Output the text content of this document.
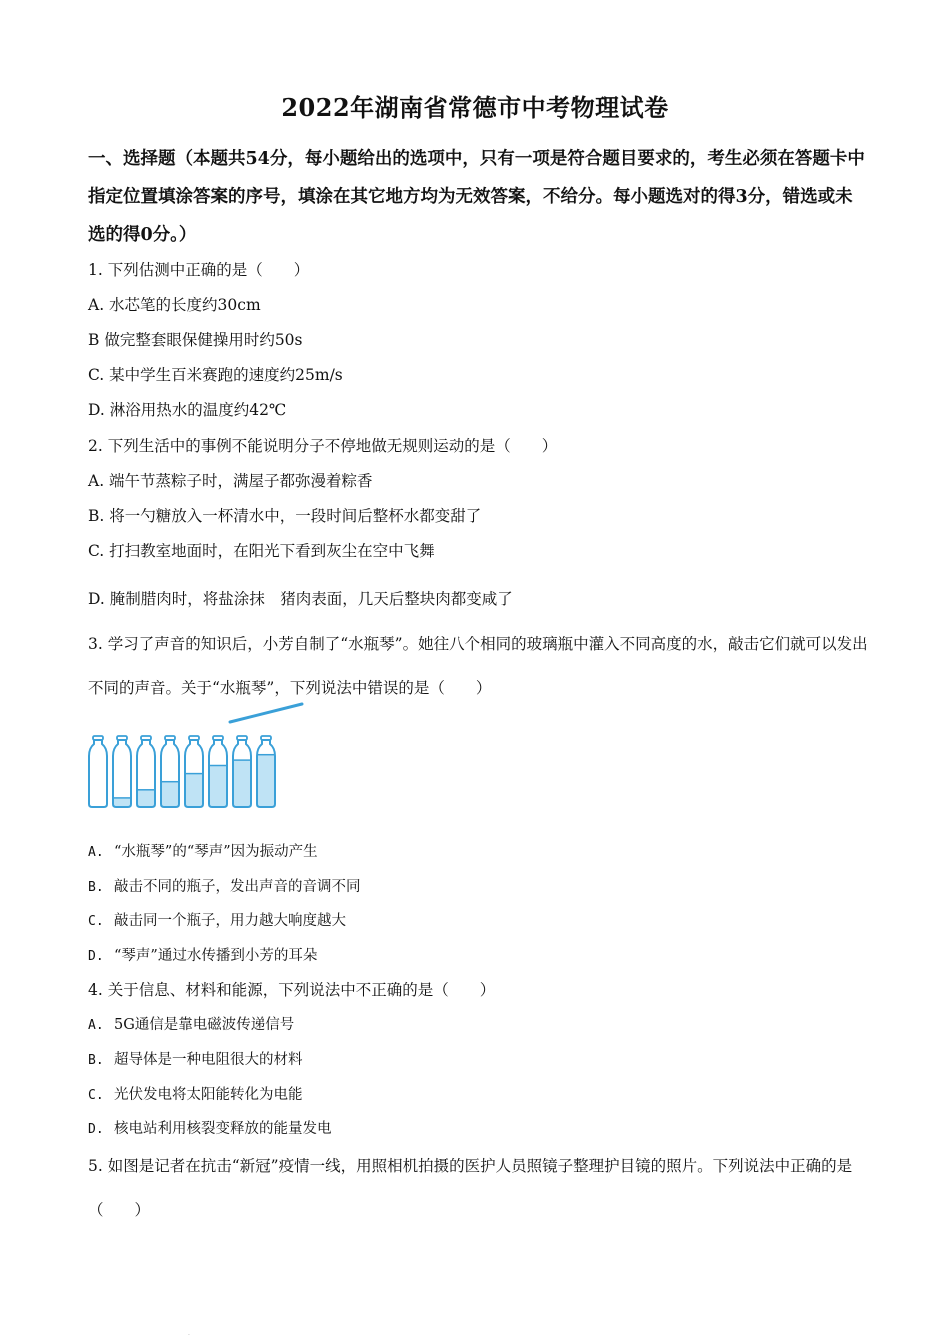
2022年湖南省常德市中考物理试卷
一、选择题（本题共54分，每小题给出的选项中，只有一项是符合题目要求的，考生必须在答题卡中指定位置填涂答案的序号，填涂在其它地方均为无效答案，不给分。每小题选对的得3分，错选或未选的得0分。）
1. 下列估测中正确的是（　　）
A. 水芯笔的长度约30cm
B 做完整套眼保健操用时约50s
C. 某中学生百米赛跑的速度约25m/s
D. 淋浴用热水的温度约42℃
2. 下列生活中的事例不能说明分子不停地做无规则运动的是（　　）
A. 端午节蒸粽子时，满屋子都弥漫着粽香
B. 将一勺糖放入一杯清水中，一段时间后整杯水都变甜了
C. 打扫教室地面时，在阳光下看到灰尘在空中飞舞
D. 腌制腊肉时，将盐涂抹　猪肉表面，几天后整块肉都变咸了
3. 学习了声音的知识后，小芳自制了“水瓶琴”。她往八个相同的玻璃瓶中灌入不同高度的水，敲击它们就可以发出不同的声音。关于“水瓶琴”，下列说法中错误的是（　　）
A. “水瓶琴”的“琴声”因为振动产生
B. 敲击不同的瓶子，发出声音的音调不同
C. 敲击同一个瓶子，用力越大响度越大
D. “琴声”通过水传播到小芳的耳朵
4. 关于信息、材料和能源，下列说法中不正确的是（　　）
A. 5G通信是靠电磁波传递信号
B. 超导体是一种电阻很大的材料
C. 光伏发电将太阳能转化为电能
D. 核电站利用核裂变释放的能量发电
5. 如图是记者在抗击“新冠”疫情一线，用照相机拍摄的医护人员照镜子整理护目镜的照片。下列说法中正确的是（　　）
.
